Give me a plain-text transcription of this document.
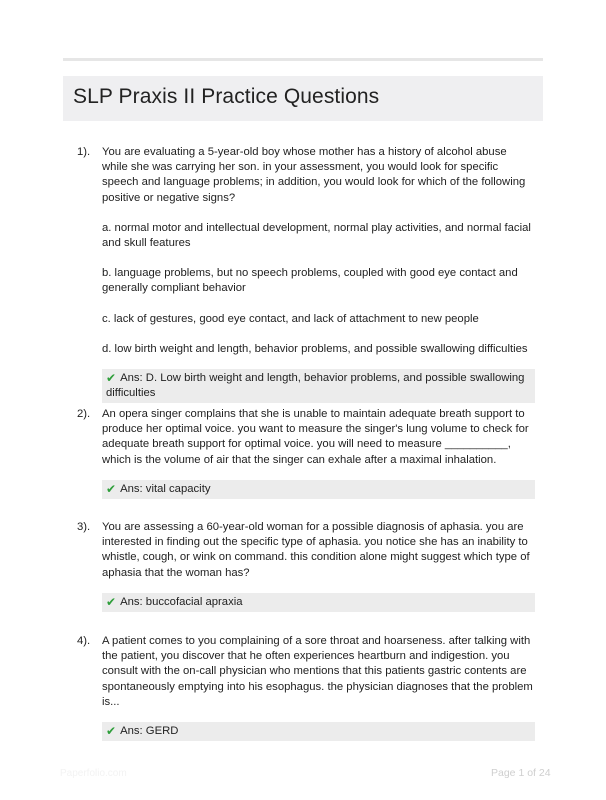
SLP Praxis II Practice Questions
1). You are evaluating a 5-year-old boy whose mother has a history of alcohol abuse while she was carrying her son. in your assessment, you would look for specific speech and language problems; in addition, you would look for which of the following positive or negative signs?

a. normal motor and intellectual development, normal play activities, and normal facial and skull features

b. language problems, but no speech problems, coupled with good eye contact and generally compliant behavior

c. lack of gestures, good eye contact, and lack of attachment to new people

d. low birth weight and length, behavior problems, and possible swallowing difficulties

✔ Ans: D. Low birth weight and length, behavior problems, and possible swallowing difficulties
2). An opera singer complains that she is unable to maintain adequate breath support to produce her optimal voice. you want to measure the singer's lung volume to check for adequate breath support for optimal voice. you will need to measure __________, which is the volume of air that the singer can exhale after a maximal inhalation.

✔ Ans: vital capacity
3). You are assessing a 60-year-old woman for a possible diagnosis of aphasia. you are interested in finding out the specific type of aphasia. you notice she has an inability to whistle, cough, or wink on command. this condition alone might suggest which type of aphasia that the woman has?

✔ Ans: buccofacial apraxia
4). A patient comes to you complaining of a sore throat and hoarseness. after talking with the patient, you discover that he often experiences heartburn and indigestion. you consult with the on-call physician who mentions that this patients gastric contents are spontaneously emptying into his esophagus. the physician diagnoses that the problem is...

✔ Ans: GERD
Paperfolio.com	Page 1 of 24
